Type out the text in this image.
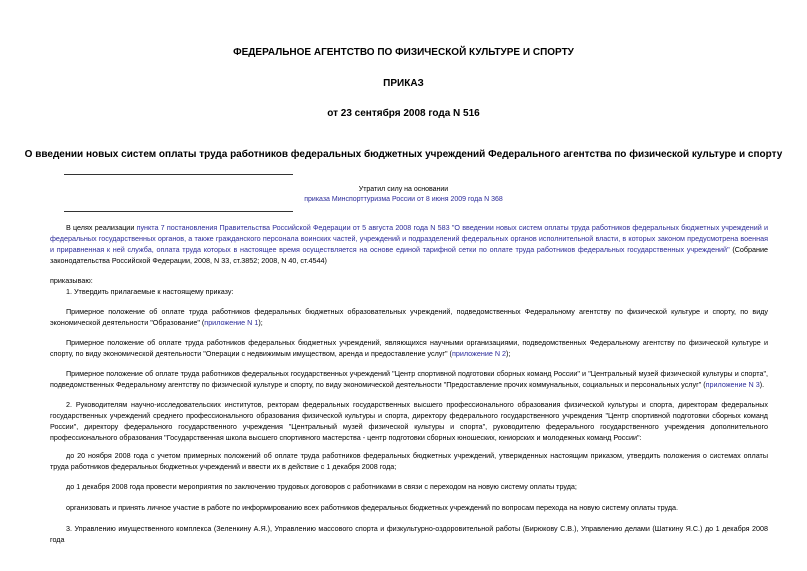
ФЕДЕРАЛЬНОЕ АГЕНТСТВО ПО ФИЗИЧЕСКОЙ КУЛЬТУРЕ И СПОРТУ
ПРИКАЗ
от 23 сентября 2008 года N 516
О введении новых систем оплаты труда работников федеральных бюджетных учреждений Федерального агентства по физической культуре и спорту
Утратил силу на основании
приказа Минспорттуризма России от 8 июня 2009 года N 368

В целях реализации пункта 7 постановления Правительства Российской Федерации от 5 августа 2008 года N 583 "О введении новых систем оплаты труда работников федеральных бюджетных учреждений и федеральных государственных органов, а также гражданского персонала воинских частей, учреждений и подразделений федеральных органов исполнительной власти, в которых законом предусмотрена военная и приравненная к ней служба, оплата труда которых в настоящее время осуществляется на основе единой тарифной сетки по оплате труда работников федеральных государственных учреждений" (Собрание законодательства Российской Федерации, 2008, N 33, ст.3852; 2008, N 40, ст.4544)

приказываю:

1. Утвердить прилагаемые к настоящему приказу:

Примерное положение об оплате труда работников федеральных бюджетных образовательных учреждений, подведомственных Федеральному агентству по физической культуре и спорту, по виду экономической деятельности "Образование" (приложение N 1);

Примерное положение об оплате труда работников федеральных бюджетных учреждений, являющихся научными организациями, подведомственных Федеральному агентству по физической культуре и спорту, по виду экономической деятельности "Операции с недвижимым имуществом, аренда и предоставление услуг" (приложение N 2);

Примерное положение об оплате труда работников федеральных государственных учреждений "Центр спортивной подготовки сборных команд России" и "Центральный музей физической культуры и спорта", подведомственных Федеральному агентству по физической культуре и спорту, по виду экономической деятельности "Предоставление прочих коммунальных, социальных и персональных услуг" (приложение N 3).

2. Руководителям научно-исследовательских институтов, ректорам федеральных государственных высшего профессионального образования физической культуры и спорта, директорам федеральных государственных учреждений среднего профессионального образования физической культуры и спорта, директору федерального государственного учреждения "Центр спортивной подготовки сборных команд России", директору федерального государственного учреждения "Центральный музей физической культуры и спорта", руководителю федерального государственного учреждения дополнительного профессионального образования "Государственная школа высшего спортивного мастерства - центр подготовки сборных юношеских, юниорских и молодежных команд России":

до 20 ноября 2008 года с учетом примерных положений об оплате труда работников федеральных бюджетных учреждений, утвержденных настоящим приказом, утвердить положения о системах оплаты труда работников федеральных бюджетных учреждений и ввести их в действие с 1 декабря 2008 года;

до 1 декабря 2008 года провести мероприятия по заключению трудовых договоров с работниками в связи с переходом на новую систему оплаты труда;

организовать и принять личное участие в работе по информированию всех работников федеральных бюджетных учреждений по вопросам перехода на новую систему оплаты труда.

3. Управлению имущественного комплекса (Зеленкину А.Я.), Управлению массового спорта и физкультурно-оздоровительной работы (Бирюкову С.В.), Управлению делами (Шаткину Я.С.) до 1 декабря 2008 года
